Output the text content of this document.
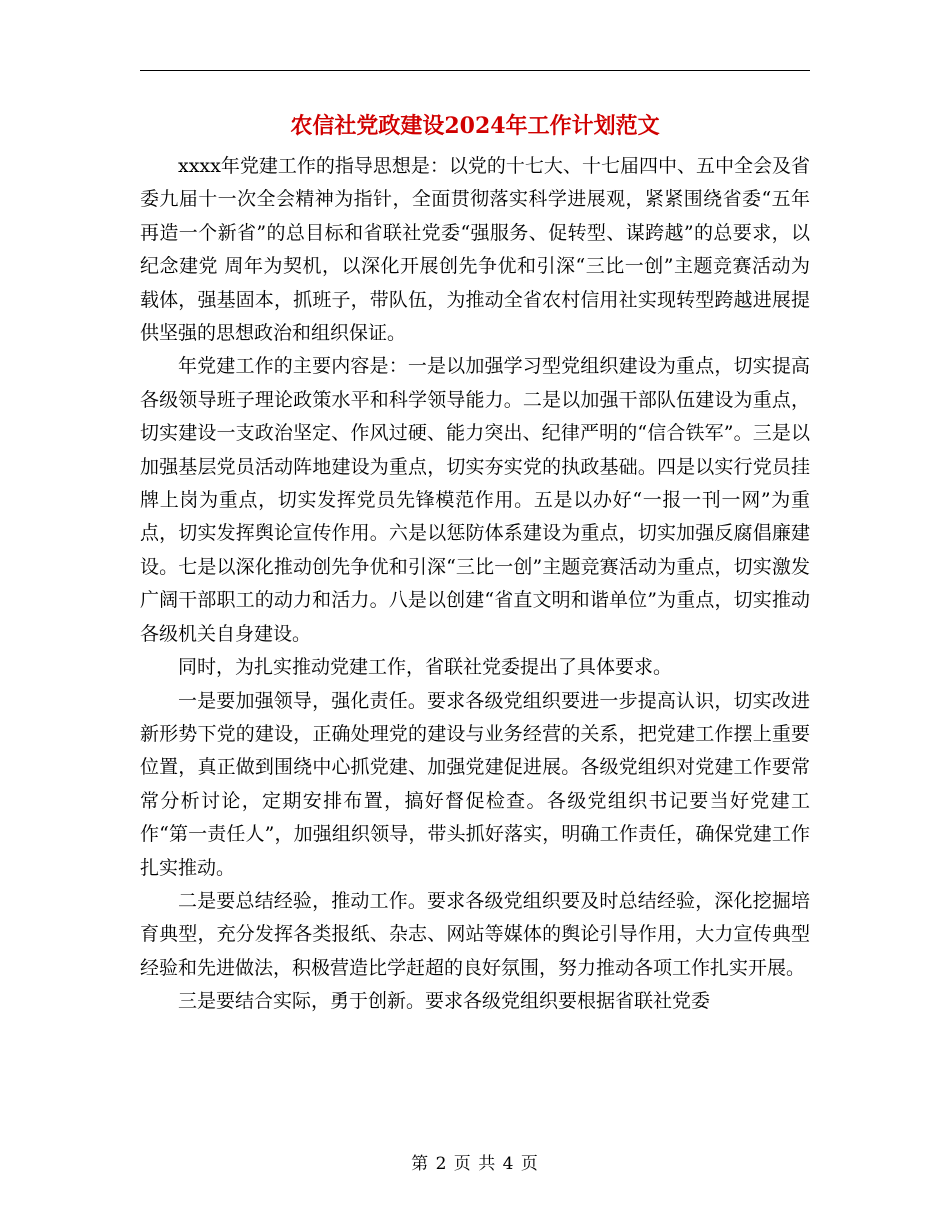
农信社党政建设2024年工作计划范文

xxxx年党建工作的指导思想是：以党的十七大、十七届四中、五中全会及省委九届十一次全会精神为指针，全面贯彻落实科学进展观，紧紧围绕省委“五年再造一个新省”的总目标和省联社党委“强服务、促转型、谋跨越”的总要求，以纪念建党 周年为契机，以深化开展创先争优和引深“三比一创”主题竞赛活动为载体，强基固本，抓班子，带队伍，为推动全省农村信用社实现转型跨越进展提供坚强的思想政治和组织保证。

年党建工作的主要内容是：一是以加强学习型党组织建设为重点，切实提高各级领导班子理论政策水平和科学领导能力。二是以加强干部队伍建设为重点，切实建设一支政治坚定、作风过硬、能力突出、纪律严明的“信合铁军”。三是以加强基层党员活动阵地建设为重点，切实夯实党的执政基础。四是以实行党员挂牌上岗为重点，切实发挥党员先锋模范作用。五是以办好“一报一刊一网”为重点，切实发挥舆论宣传作用。六是以惩防体系建设为重点，切实加强反腐倡廉建设。七是以深化推动创先争优和引深“三比一创”主题竞赛活动为重点，切实激发广阔干部职工的动力和活力。八是以创建“省直文明和谐单位”为重点，切实推动各级机关自身建设。

同时，为扎实推动党建工作，省联社党委提出了具体要求。

一是要加强领导，强化责任。要求各级党组织要进一步提高认识，切实改进新形势下党的建设，正确处理党的建设与业务经营的关系，把党建工作摆上重要位置，真正做到围绕中心抓党建、加强党建促进展。各级党组织对党建工作要常常分析讨论，定期安排布置，搞好督促检查。各级党组织书记要当好党建工作“第一责任人”，加强组织领导，带头抓好落实，明确工作责任，确保党建工作扎实推动。

二是要总结经验，推动工作。要求各级党组织要及时总结经验，深化挖掘培育典型，充分发挥各类报纸、杂志、网站等媒体的舆论引导作用，大力宣传典型经验和先进做法，积极营造比学赶超的良好氛围，努力推动各项工作扎实开展。

三是要结合实际，勇于创新。要求各级党组织要根据省联社党委

第 2 页 共 4 页
